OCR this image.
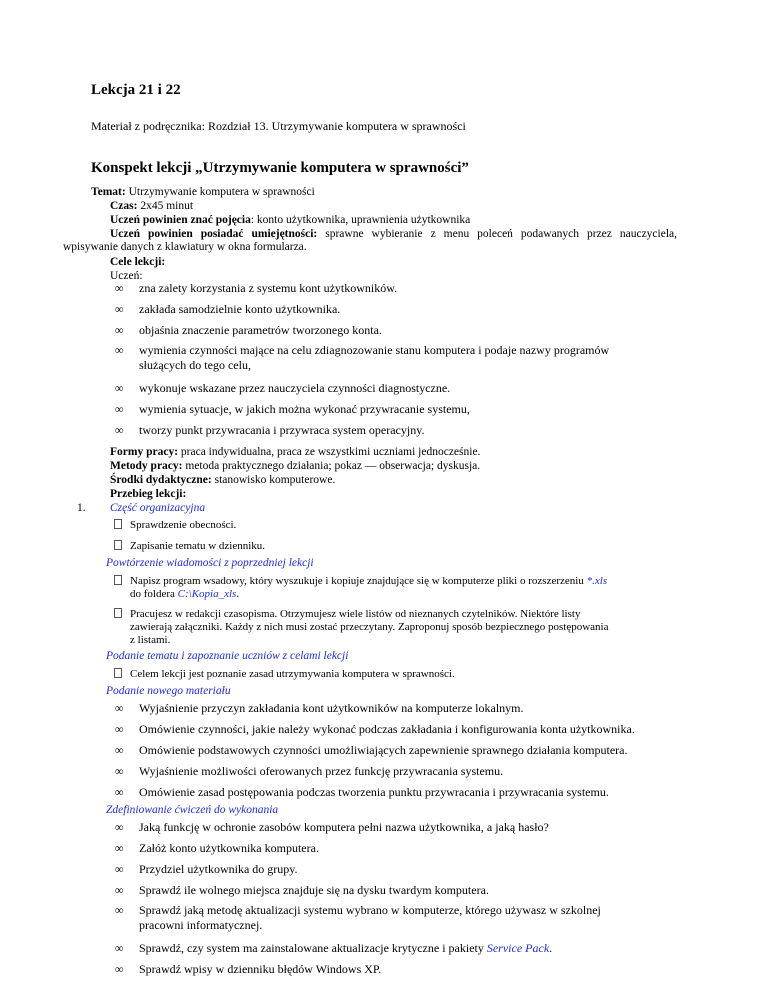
Lekcja 21 i 22
Materiał z podręcznika: Rozdział 13. Utrzymywanie komputera w sprawności
Konspekt lekcji „Utrzymywanie komputera w sprawności”
Temat: Utrzymywanie komputera w sprawności
Czas: 2x45 minut
Uczeń powinien znać pojęcia: konto użytkownika, uprawnienia użytkownika
Uczeń powinien posiadać umiejętności: sprawne wybieranie z menu poleceń podawanych przez nauczyciela, wpisywanie danych z klawiatury w okna formularza.
Cele lekcji:
Uczeń:
∞	zna zalety korzystania z systemu kont użytkowników.
∞	zakłada samodzielnie konto użytkownika.
∞	objaśnia znaczenie parametrów tworzonego konta.
∞	wymienia czynności mające na celu zdiagnozowanie stanu komputera i podaje nazwy programów
służących do tego celu,
∞	wykonuje wskazane przez nauczyciela czynności diagnostyczne.
∞	wymienia sytuacje, w jakich można wykonać przywracanie systemu,
∞	tworzy punkt przywracania i przywraca system operacyjny.
Formy pracy: praca indywidualna, praca ze wszystkimi uczniami jednocześnie.
Metody pracy: metoda praktycznego działania; pokaz — obserwacja; dyskusja.
Środki dydaktyczne: stanowisko komputerowe.
Przebieg lekcji:
1. Część organizacyjna
Sprawdzenie obecności.
Zapisanie tematu w dzienniku.
Powtórzenie wiadomości z poprzedniej lekcji
Napisz program wsadowy, który wyszukuje i kopiuje znajdujące się w komputerze pliki o rozszerzeniu *.xls
do foldera C:\Kopia_xls.
Pracujesz w redakcji czasopisma. Otrzymujesz wiele listów od nieznanych czytelników. Niektóre listy
zawierają załączniki. Każdy z nich musi zostać przeczytany. Zaproponuj sposób bezpiecznego postępowania
z listami.
Podanie tematu i zapoznanie uczniów z celami lekcji
Celem lekcji jest poznanie zasad utrzymywania komputera w sprawności.
Podanie nowego materiału
∞	Wyjaśnienie przyczyn zakładania kont użytkowników na komputerze lokalnym.
∞	Omówienie czynności, jakie należy wykonać podczas zakładania i konfigurowania konta użytkownika.
∞	Omówienie podstawowych czynności umożliwiających zapewnienie sprawnego działania komputera.
∞	Wyjaśnienie możliwości oferowanych przez funkcję przywracania systemu.
∞	Omówienie zasad postępowania podczas tworzenia punktu przywracania i przywracania systemu.
Zdefiniowanie ćwiczeń do wykonania
∞	Jaką funkcję w ochronie zasobów komputera pełni nazwa użytkownika, a jaką hasło?
∞	Załóż konto użytkownika komputera.
∞	Przydziel użytkownika do grupy.
∞	Sprawdź ile wolnego miejsca znajduje się na dysku twardym komputera.
∞	Sprawdź jaką metodę aktualizacji systemu wybrano w komputerze, którego używasz w szkolnej
pracowni informatycznej.
∞	Sprawdź, czy system ma zainstalowane aktualizacje krytyczne i pakiety Service Pack.
∞	Sprawdź wpisy w dzienniku błędów Windows XP.
